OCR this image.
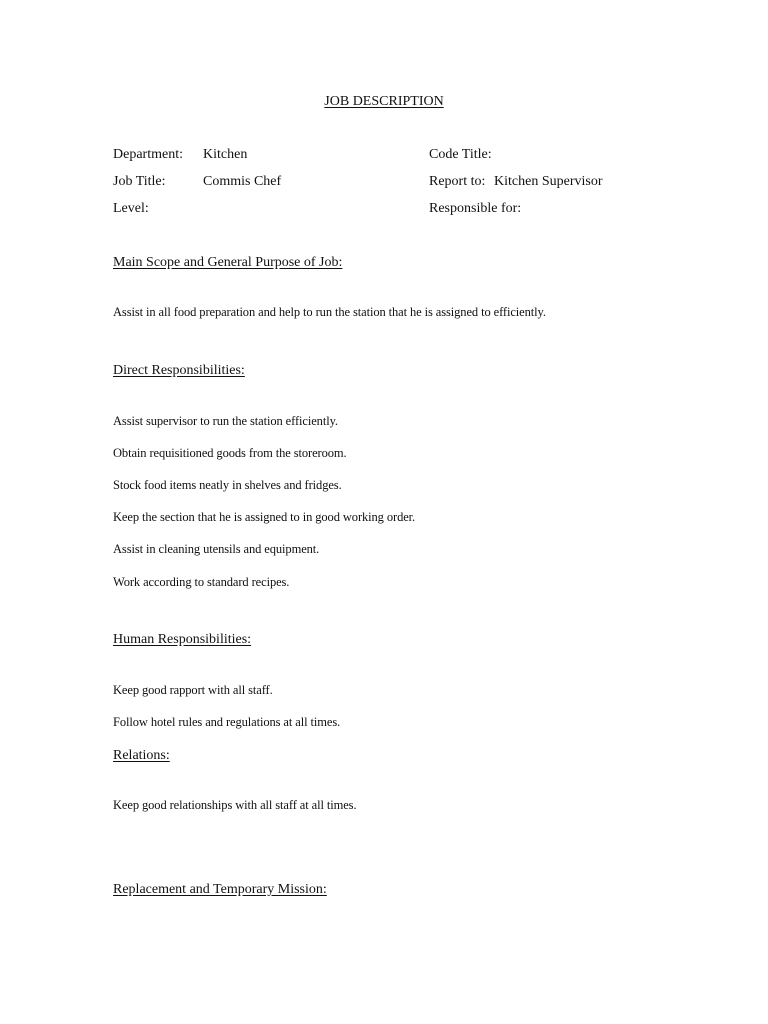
JOB DESCRIPTION
Department: Kitchen	Code Title:
Job Title:	Commis Chef	Report to: Kitchen Supervisor
Level:	Responsible for:
Main Scope and General Purpose of Job:
Assist in all food preparation and help to run the station that he is assigned to efficiently.
Direct Responsibilities:
Assist supervisor to run the station efficiently.
Obtain requisitioned goods from the storeroom.
Stock food items neatly in shelves and fridges.
Keep the section that he is assigned to in good working order.
Assist in cleaning utensils and equipment.
Work according to standard recipes.
Human Responsibilities:
Keep good rapport with all staff.
Follow hotel rules and regulations at all times.
Relations:
Keep good relationships with all staff at all times.
Replacement and Temporary Mission:
